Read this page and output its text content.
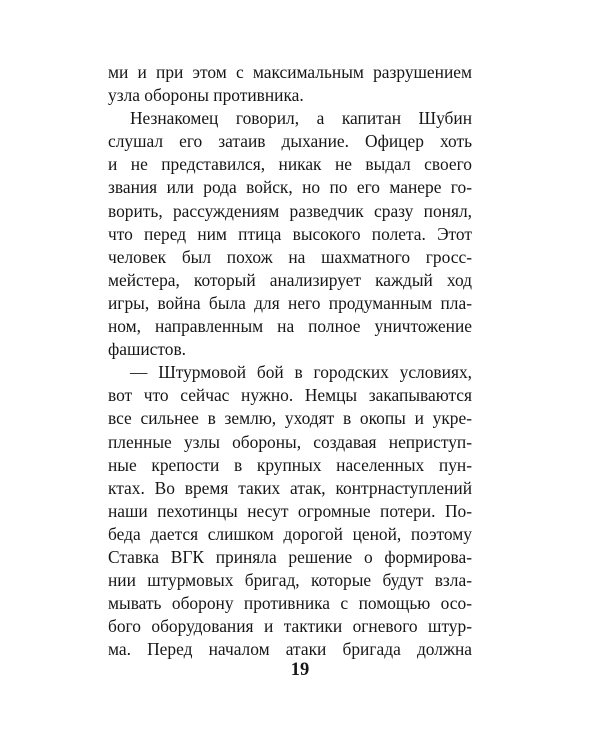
ми и при этом с максимальным разрушением
узла обороны противника.
Незнакомец говорил, а капитан Шубин
слушал его затаив дыхание. Офицер хоть
и не представился, никак не выдал своего
звания или рода войск, но по его манере го-
ворить, рассуждениям разведчик сразу понял,
что перед ним птица высокого полета. Этот
человек был похож на шахматного гросс-
мейстера, который анализирует каждый ход
игры, война была для него продуманным пла-
ном, направленным на полное уничтожение
фашистов.
— Штурмовой бой в городских условиях,
вот что сейчас нужно. Немцы закапываются
все сильнее в землю, уходят в окопы и укре-
пленные узлы обороны, создавая неприступ-
ные крепости в крупных населенных пун-
ктах. Во время таких атак, контрнаступлений
наши пехотинцы несут огромные потери. По-
беда дается слишком дорогой ценой, поэтому
Ставка ВГК приняла решение о формирова-
нии штурмовых бригад, которые будут взла-
мывать оборону противника с помощью осо-
бого оборудования и тактики огневого штур-
ма. Перед началом атаки бригада должна
19
